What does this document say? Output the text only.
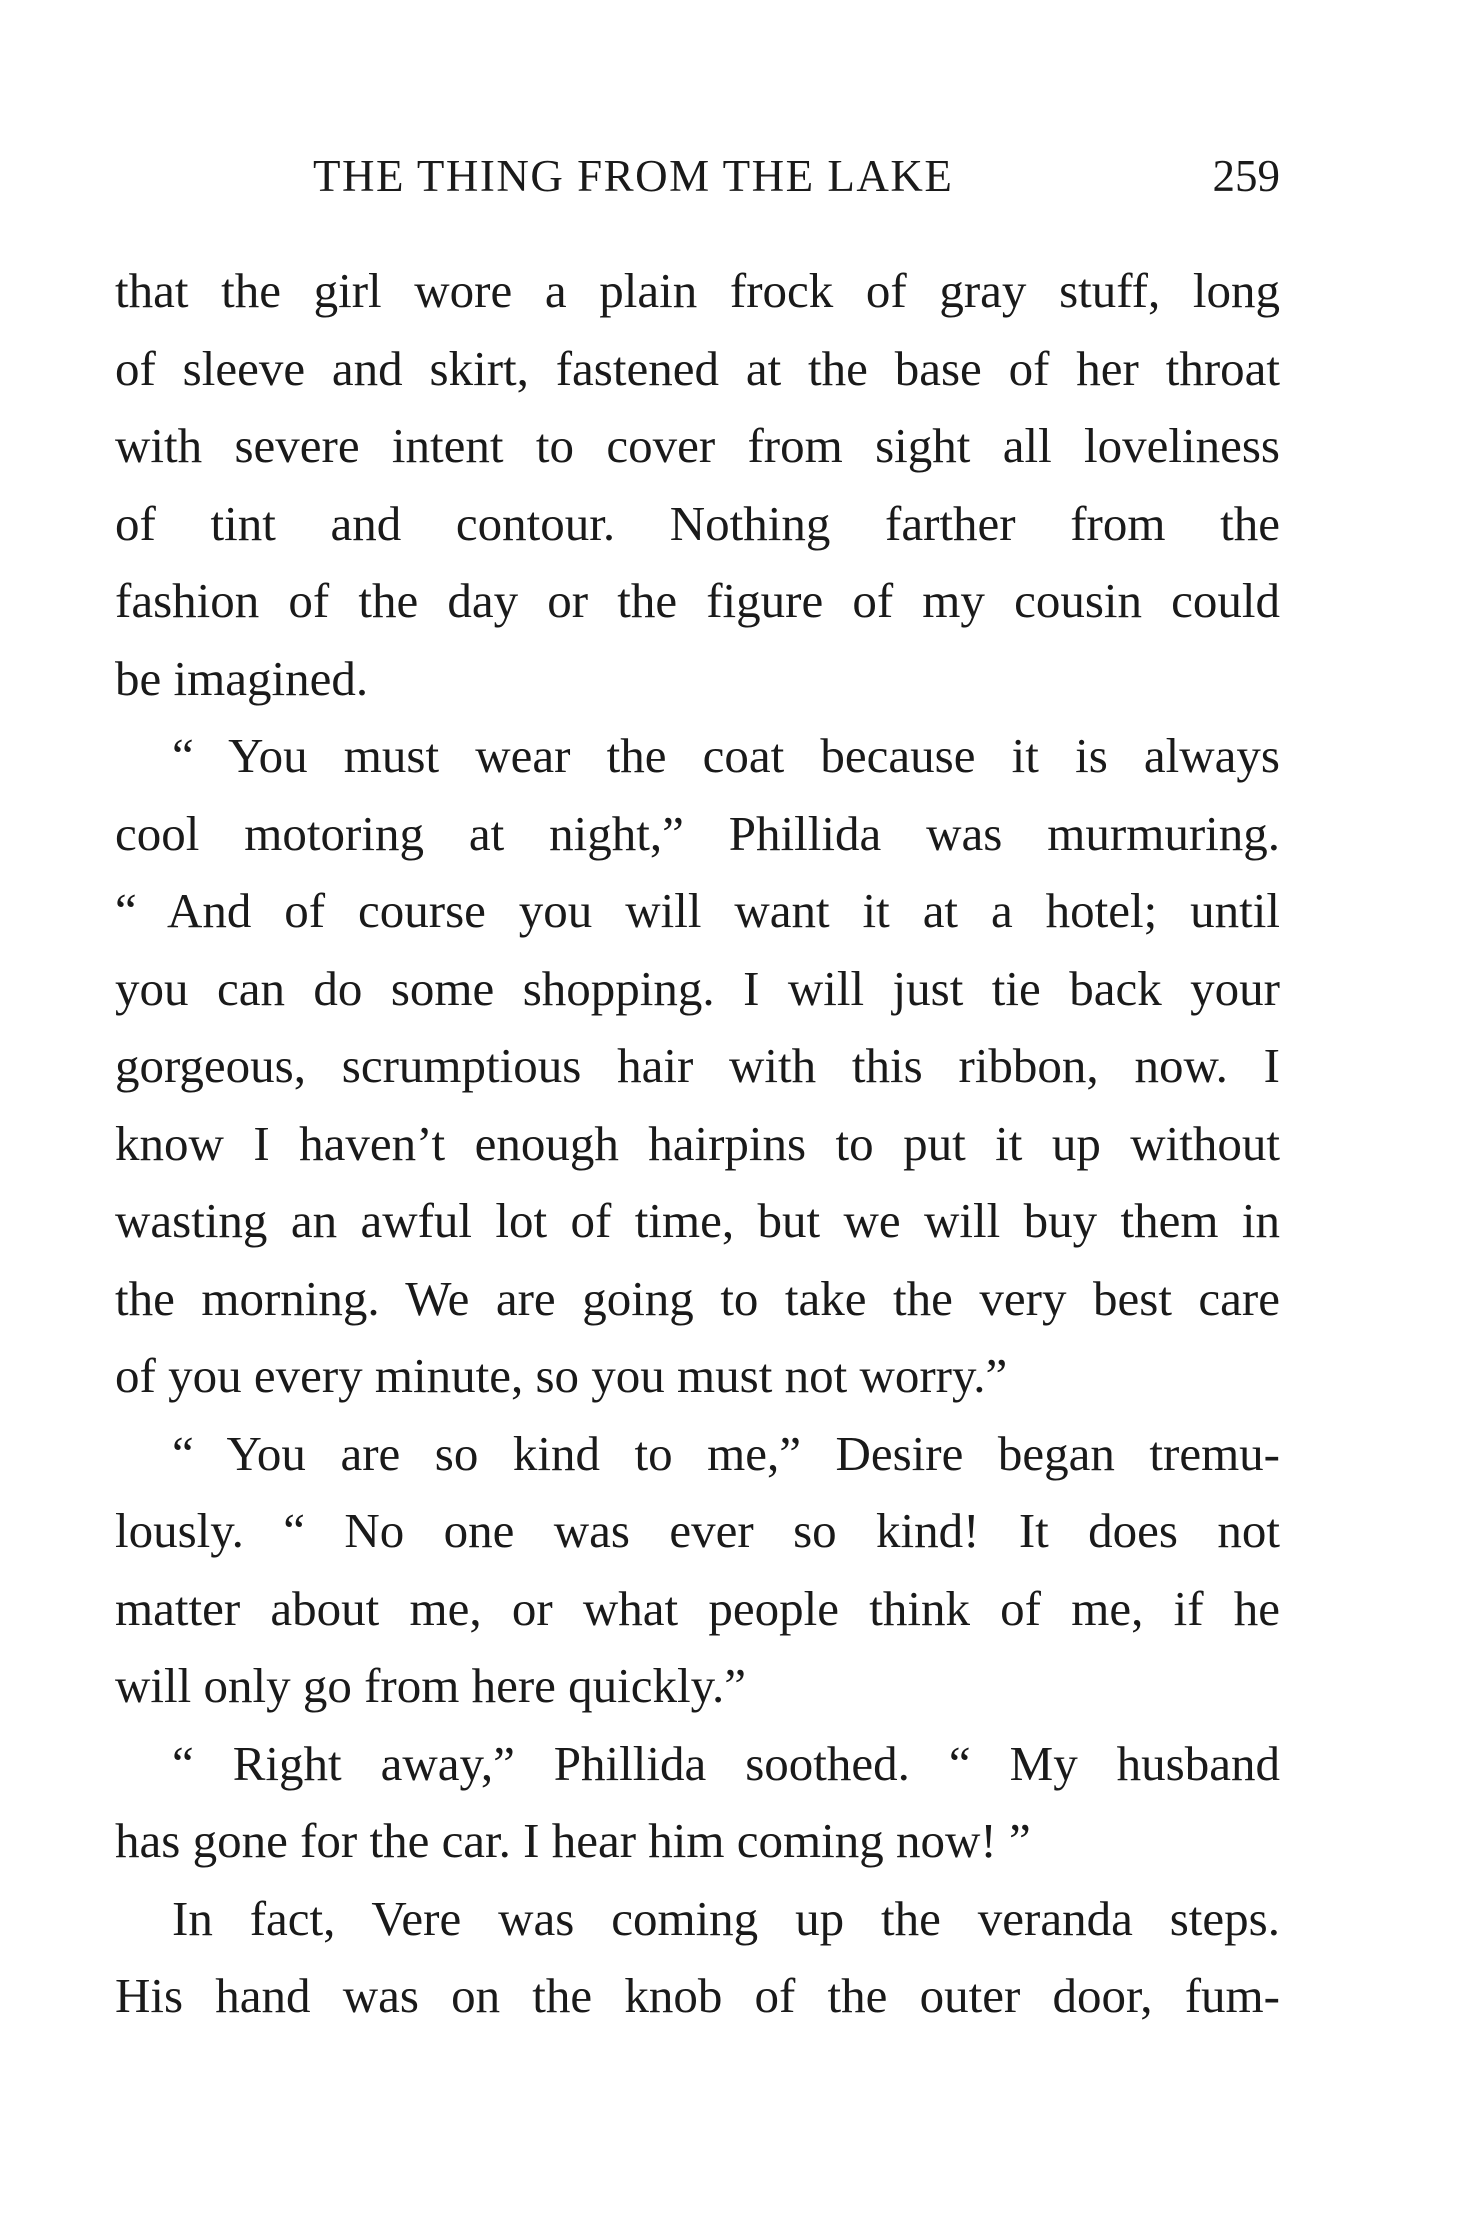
THE THING FROM THE LAKE	259
that the girl wore a plain frock of gray stuff, long
of sleeve and skirt, fastened at the base of her throat
with severe intent to cover from sight all loveliness
of tint and contour. Nothing farther from the
fashion of the day or the figure of my cousin could
be imagined.
“ You must wear the coat because it is always
cool motoring at night,” Phillida was murmuring.
“ And of course you will want it at a hotel; until
you can do some shopping. I will just tie back your
gorgeous, scrumptious hair with this ribbon, now. I
know I haven’t enough hairpins to put it up without
wasting an awful lot of time, but we will buy them in
the morning. We are going to take the very best care
of you every minute, so you must not worry.”
“ You are so kind to me,” Desire began tremu-
lously. “ No one was ever so kind! It does not
matter about me, or what people think of me, if he
will only go from here quickly.”
“ Right away,” Phillida soothed. “ My husband
has gone for the car. I hear him coming now! ”
In fact, Vere was coming up the veranda steps.
His hand was on the knob of the outer door, fum-
